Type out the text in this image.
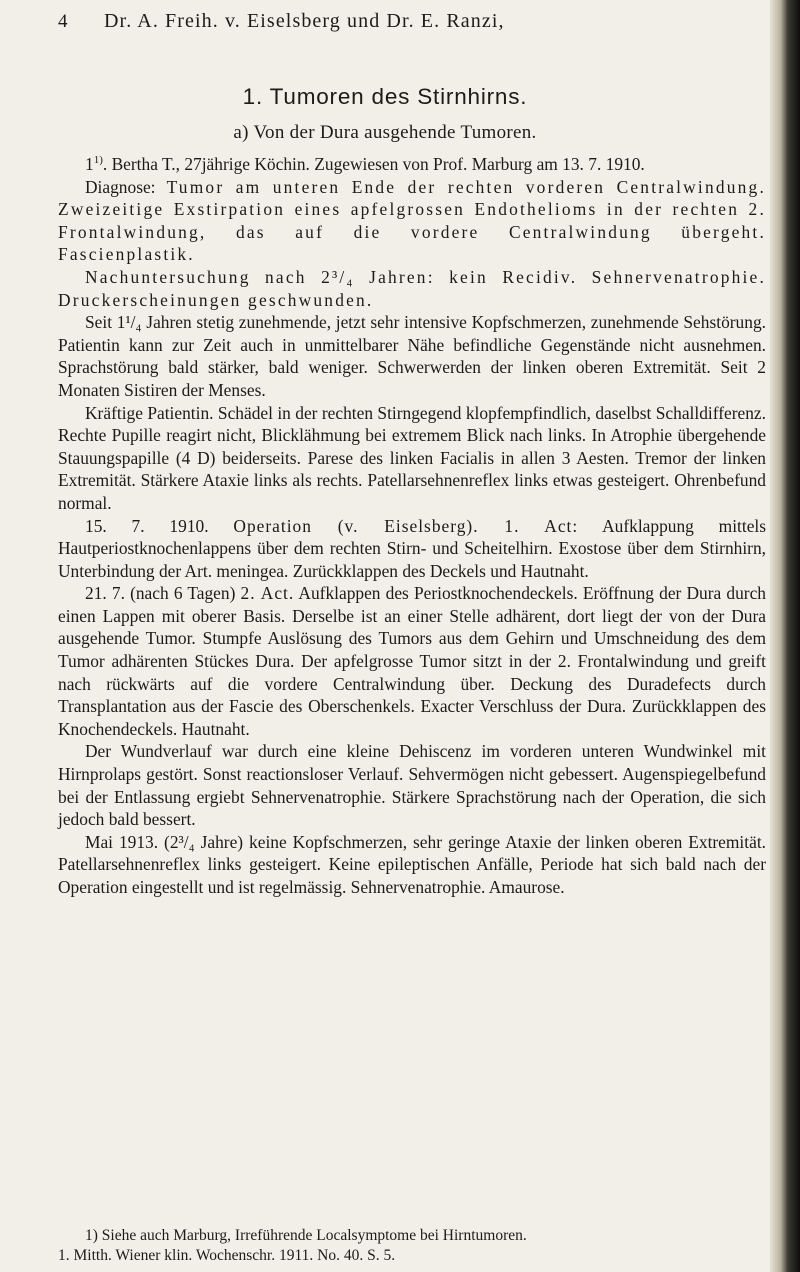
4 Dr. A. Freih. v. Eiselsberg und Dr. E. Ranzi,
1. Tumoren des Stirnhirns.
a) Von der Dura ausgehende Tumoren.

1$^{1)}$. Bertha T., 27jährige Köchin. Zugewiesen von Prof. Marburg am 13. 7. 1910.

Diagnose: Tumor am unteren Ende der rechten vorderen Centralwindung. Zweizeitige Exstirpation eines apfelgrossen Endothelioms in der rechten 2. Frontalwindung, das auf die vordere Centralwindung übergeht. Fascienplastik.

Nachuntersuchung nach 2³/₄ Jahren: kein Recidiv. Sehnervenatrophie. Druckerscheinungen geschwunden.

Seit 1¹/₄ Jahren stetig zunehmende, jetzt sehr intensive Kopfschmerzen, zunehmende Sehstörung. Patientin kann zur Zeit auch in unmittelbarer Nähe befindliche Gegenstände nicht ausnehmen. Sprachstörung bald stärker, bald weniger. Schwerwerden der linken oberen Extremität. Seit 2 Monaten Sistiren der Menses.

Kräftige Patientin. Schädel in der rechten Stirngegend klopfempfindlich, daselbst Schalldifferenz. Rechte Pupille reagirt nicht, Blicklähmung bei extremem Blick nach links. In Atrophie übergehende Stauungspapille (4 D) beiderseits. Parese des linken Facialis in allen 3 Aesten. Tremor der linken Extremität. Stärkere Ataxie links als rechts. Patellarsehnenreflex links etwas gesteigert. Ohrenbefund normal.

15. 7. 1910. Operation (v. Eiselsberg). 1. Act: Aufklappung mittels Hautperiostknochenlappens über dem rechten Stirn- und Scheitelhirn. Exostose über dem Stirnhirn, Unterbindung der Art. meningea. Zurückklappen des Deckels und Hautnaht.

21. 7. (nach 6 Tagen) 2. Act. Aufklappen des Periostknochendeckels. Eröffnung der Dura durch einen Lappen mit oberer Basis. Derselbe ist an einer Stelle adhärent, dort liegt der von der Dura ausgehende Tumor. Stumpfe Auslösung des Tumors aus dem Gehirn und Umschneidung des dem Tumor adhärenten Stückes Dura. Der apfelgrosse Tumor sitzt in der 2. Frontalwindung und greift nach rückwärts auf die vordere Centralwindung über. Deckung des Duradefects durch Transplantation aus der Fascie des Oberschenkels. Exacter Verschluss der Dura. Zurückklappen des Knochendeckels. Hautnaht.

Der Wundverlauf war durch eine kleine Dehiscenz im vorderen unteren Wundwinkel mit Hirnprolaps gestört. Sonst reactionsloser Verlauf. Sehvermögen nicht gebessert. Augenspiegelbefund bei der Entlassung ergiebt Sehnervenatrophie. Stärkere Sprachstörung nach der Operation, die sich jedoch bald bessert.

Mai 1913. (2³/₄ Jahre) keine Kopfschmerzen, sehr geringe Ataxie der linken oberen Extremität. Patellarsehnenreflex links gesteigert. Keine epileptischen Anfälle, Periode hat sich bald nach der Operation eingestellt und ist regelmässig. Sehnervenatrophie. Amaurose.

1) Siehe auch Marburg, Irreführende Localsymptome bei Hirntumoren.

1. Mitth. Wiener klin. Wochenschr. 1911. No. 40. S. 5.
